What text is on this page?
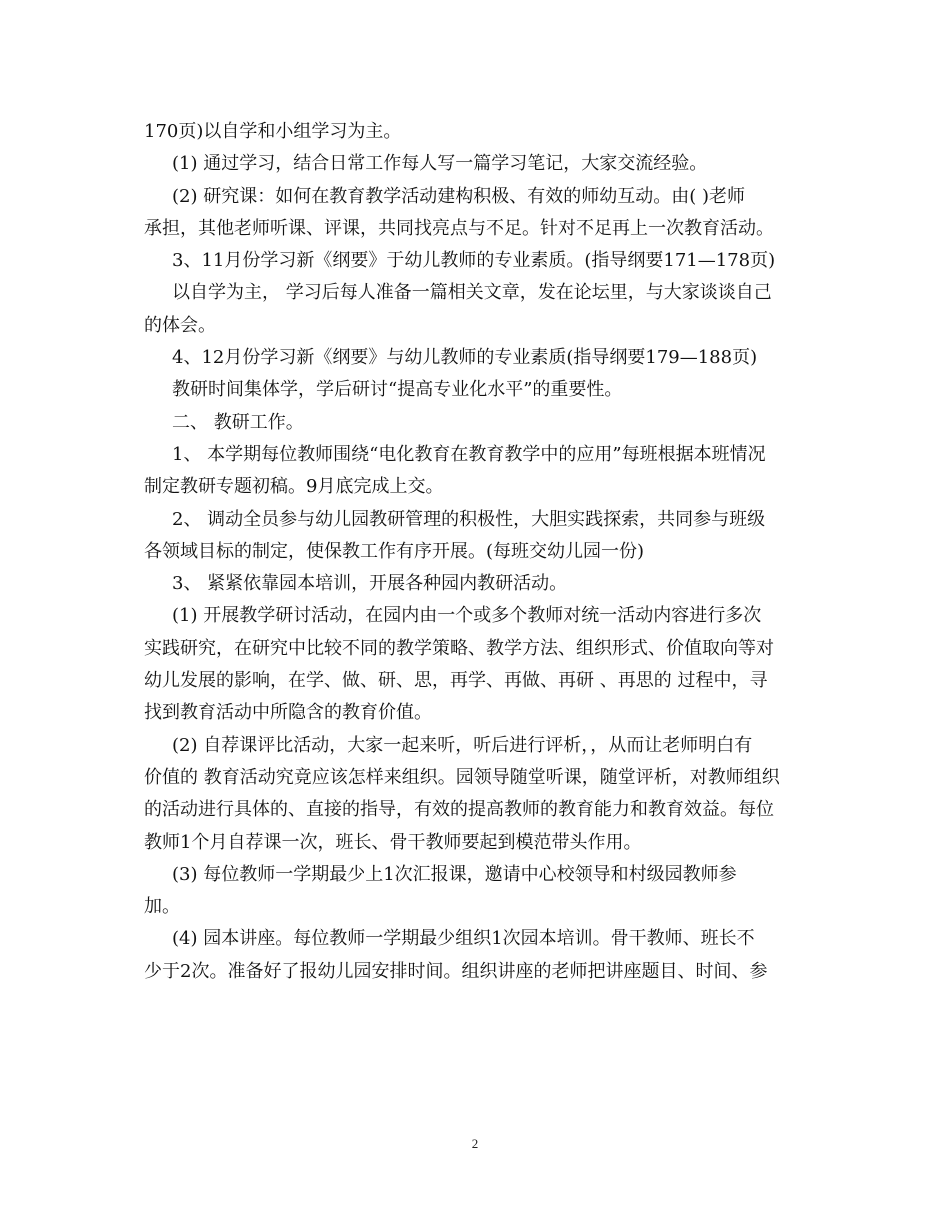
170页)以自学和小组学习为主。
(1) 通过学习，结合日常工作每人写一篇学习笔记，大家交流经验。
(2) 研究课：如何在教育教学活动建构积极、有效的师幼互动。由( )老师
承担，其他老师听课、评课，共同找亮点与不足。针对不足再上一次教育活动。
3、11月份学习新《纲要》于幼儿教师的专业素质。(指导纲要171—178页)
以自学为主， 学习后每人准备一篇相关文章，发在论坛里，与大家谈谈自己
的体会。
4、12月份学习新《纲要》与幼儿教师的专业素质(指导纲要179—188页)
教研时间集体学，学后研讨“提高专业化水平”的重要性。
二、 教研工作。
1、 本学期每位教师围绕“电化教育在教育教学中的应用”每班根据本班情况
制定教研专题初稿。9月底完成上交。
2、 调动全员参与幼儿园教研管理的积极性，大胆实践探索，共同参与班级
各领域目标的制定，使保教工作有序开展。(每班交幼儿园一份)
3、 紧紧依靠园本培训，开展各种园内教研活动。
(1) 开展教学研讨活动，在园内由一个或多个教师对统一活动内容进行多次
实践研究，在研究中比较不同的教学策略、教学方法、组织形式、价值取向等对
幼儿发展的影响，在学、做、研、思，再学、再做、再研 、再思的 过程中，寻
找到教育活动中所隐含的教育价值。
(2) 自荐课评比活动，大家一起来听，听后进行评析，，从而让老师明白有
价值的 教育活动究竟应该怎样来组织。园领导随堂听课，随堂评析，对教师组织
的活动进行具体的、直接的指导，有效的提高教师的教育能力和教育效益。每位
教师1个月自荐课一次，班长、骨干教师要起到模范带头作用。
(3) 每位教师一学期最少上1次汇报课，邀请中心校领导和村级园教师参
加。
(4) 园本讲座。每位教师一学期最少组织1次园本培训。骨干教师、班长不
少于2次。准备好了报幼儿园安排时间。组织讲座的老师把讲座题目、时间、参
2
